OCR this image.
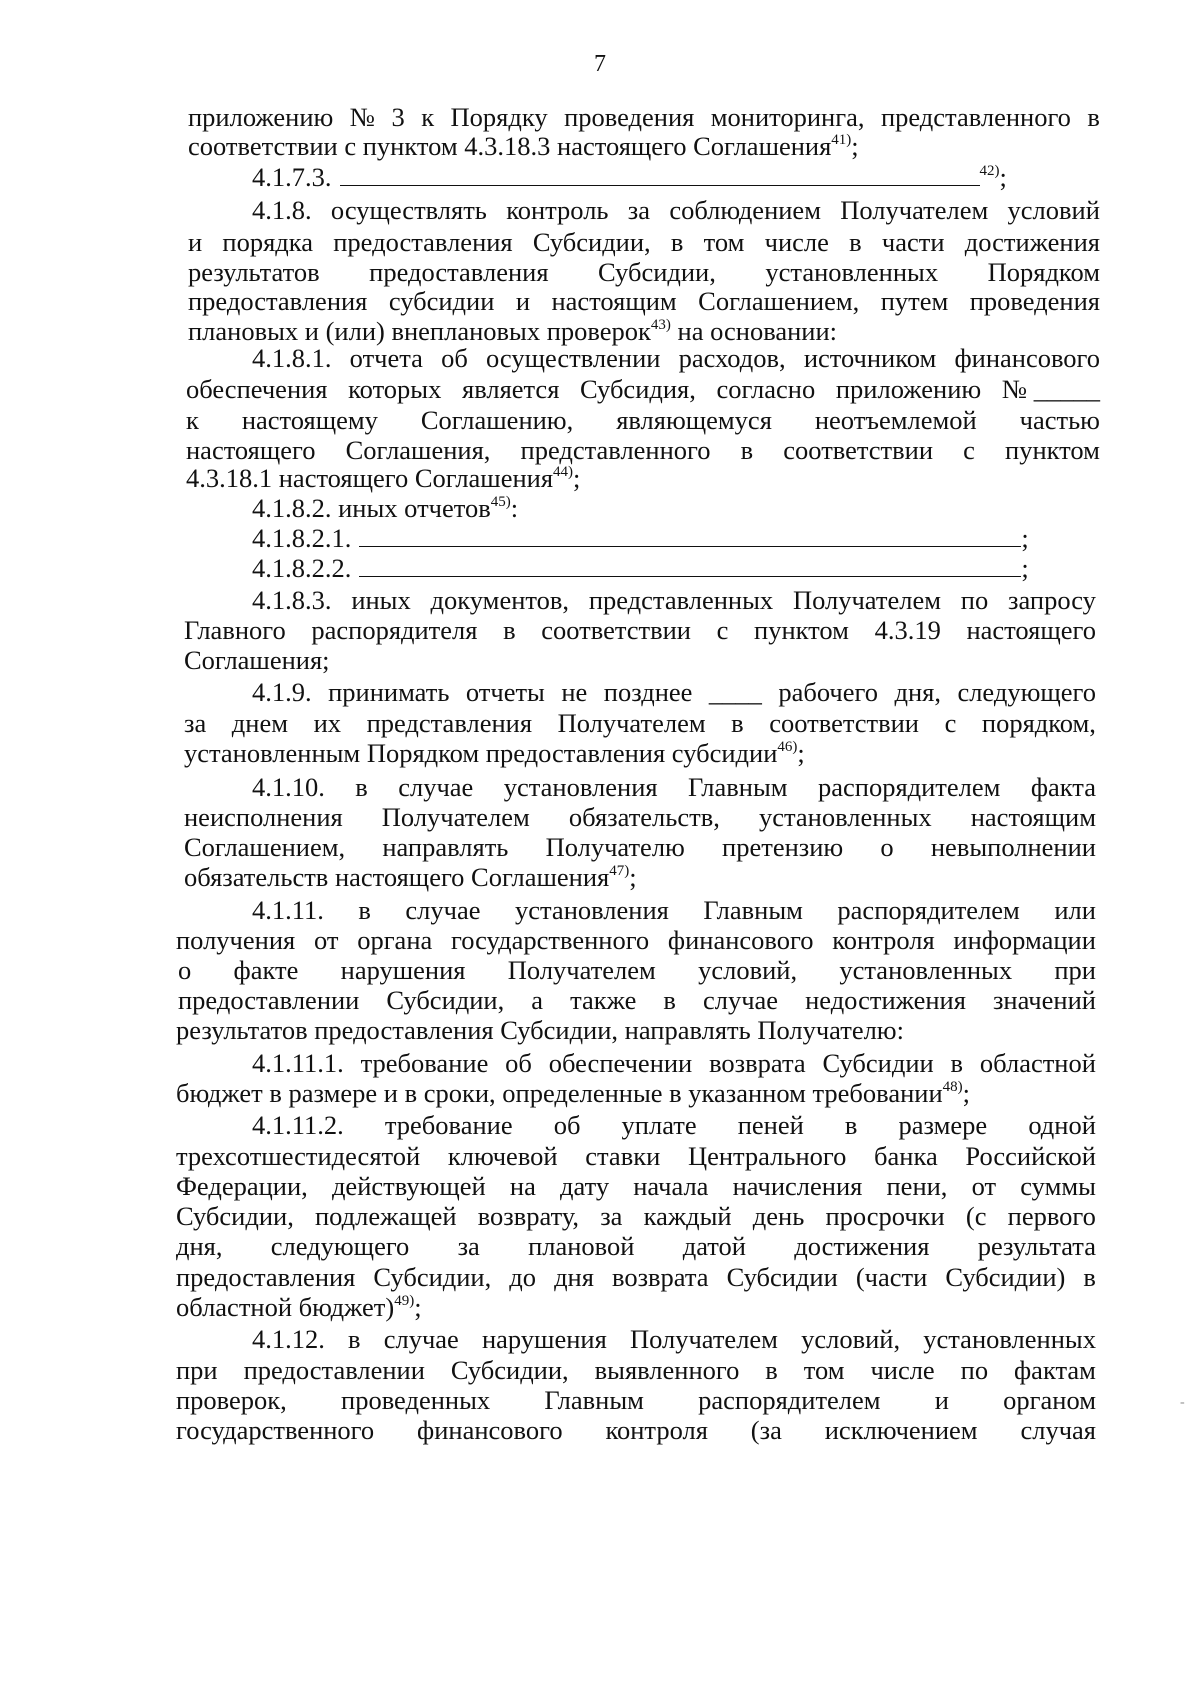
7
приложению № 3 к Порядку проведения мониторинга, представленного в
соответствии с пунктом 4.3.18.3 настоящего Соглашения$^{41)}$;
4.1.7.3.	$^{42)}$;
4.1.8. осуществлять контроль за соблюдением Получателем условий
и порядка предоставления Субсидии, в том числе в части достижения
результатов предоставления Субсидии, установленных Порядком
предоставления субсидии и настоящим Соглашением, путем проведения
плановых и (или) внеплановых проверок$^{43)}$ на основании:
4.1.8.1. отчета об осуществлении расходов, источником финансового
обеспечения которых является Субсидия, согласно приложению № _____
к настоящему Соглашению, являющемуся неотъемлемой частью
настоящего Соглашения, представленного в соответствии с пунктом
4.3.18.1 настоящего Соглашения$^{44)}$;
4.1.8.2. иных отчетов$^{45)}$:
4.1.8.2.1.	;
4.1.8.2.2.	;
4.1.8.3. иных документов, представленных Получателем по запросу
Главного распорядителя в соответствии с пунктом 4.3.19 настоящего
Соглашения;
4.1.9. принимать отчеты не позднее ____ рабочего дня, следующего
за днем их представления Получателем в соответствии с порядком,
установленным Порядком предоставления субсидии$^{46)}$;
4.1.10. в случае установления Главным распорядителем факта
неисполнения Получателем обязательств, установленных настоящим
Соглашением, направлять Получателю претензию о невыполнении
обязательств настоящего Соглашения$^{47)}$;
4.1.11. в случае установления Главным распорядителем или
получения от органа государственного финансового контроля информации
о факте нарушения Получателем условий, установленных при
предоставлении Субсидии, а также в случае недостижения значений
результатов предоставления Субсидии, направлять Получателю:
4.1.11.1. требование об обеспечении возврата Субсидии в областной
бюджет в размере и в сроки, определенные в указанном требовании$^{48)}$;
4.1.11.2. требование об уплате пеней в размере одной
трехсотшестидесятой ключевой ставки Центрального банка Российской
Федерации, действующей на дату начала начисления пени, от суммы
Субсидии, подлежащей возврату, за каждый день просрочки (с первого
дня, следующего за плановой датой достижения результата
предоставления Субсидии, до дня возврата Субсидии (части Субсидии) в
областной бюджет)$^{49)}$;
4.1.12. в случае нарушения Получателем условий, установленных
при предоставлении Субсидии, выявленного в том числе по фактам
проверок, проведенных Главным распорядителем и органом
государственного финансового контроля (за исключением случая
-
